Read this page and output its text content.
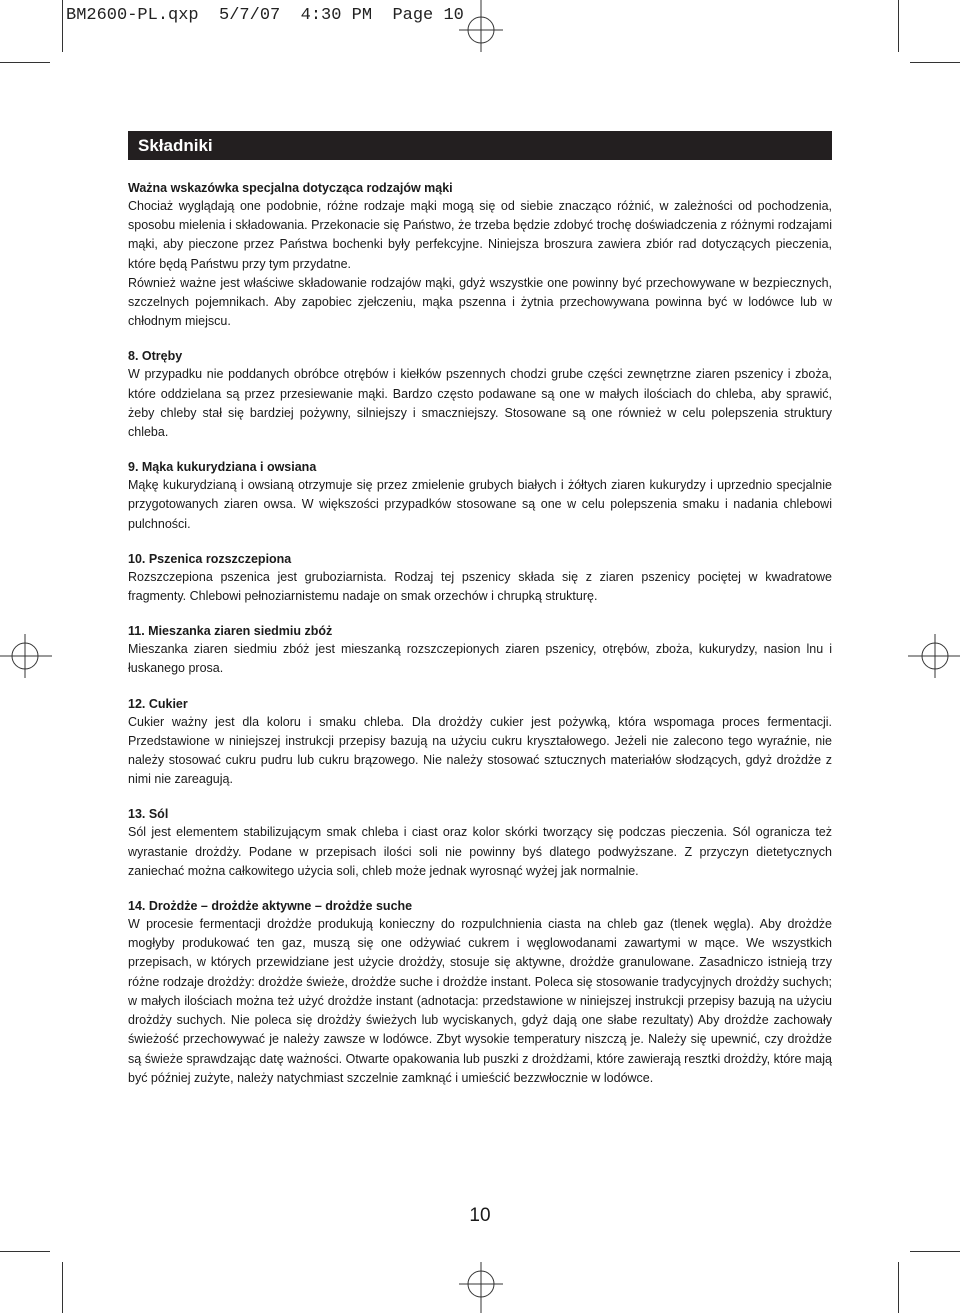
BM2600-PL.qxp  5/7/07  4:30 PM  Page 10
Składniki

Ważna wskazówka specjalna dotycząca rodzajów mąki

Chociaż wyglądają one podobnie, różne rodzaje mąki mogą się od siebie znacząco różnić, w zależności od pochodzenia, sposobu mielenia i składowania. Przekonacie się Państwo, że trzeba będzie zdobyć trochę doświadczenia z różnymi rodzajami mąki, aby pieczone przez Państwa bochenki były perfekcyjne. Niniejsza broszura zawiera zbiór rad dotyczących pieczenia, które będą Państwu przy tym przydatne.

Również ważne jest właściwe składowanie rodzajów mąki, gdyż wszystkie one powinny być przechowywane w bezpiecznych, szczelnych pojemnikach. Aby zapobiec zjełczeniu, mąka pszenna i żytnia przechowywana powinna być w lodówce lub w chłodnym miejscu.

8. Otręby

W przypadku nie poddanych obróbce otrębów i kiełków pszennych chodzi grube części zewnętrzne ziaren pszenicy i zboża, które oddzielana są przez przesiewanie mąki. Bardzo często podawane są one w małych ilościach do chleba, aby sprawić, żeby chleby stał się bardziej pożywny, silniejszy i smaczniejszy. Stosowane są one również w celu polepszenia struktury chleba.

9. Mąka kukurydziana i owsiana

Mąkę kukurydzianą i owsianą otrzymuje się przez zmielenie grubych białych i żółtych ziaren kukurydzy i uprzednio specjalnie przygotowanych ziaren owsa. W większości przypadków stosowane są one w celu polepszenia smaku i nadania chlebowi pulchności.

10. Pszenica rozszczepiona

Rozszczepiona pszenica jest gruboziarnista. Rodzaj tej pszenicy składa się z ziaren pszenicy pociętej w kwadratowe fragmenty. Chlebowi pełnoziarnistemu nadaje on smak orzechów i chrupką strukturę.

11. Mieszanka ziaren siedmiu zbóż

Mieszanka ziaren siedmiu zbóż jest mieszanką rozszczepionych ziaren pszenicy, otrębów, zboża, kukurydzy, nasion lnu i łuskanego prosa.

12. Cukier

Cukier ważny jest dla koloru i smaku chleba. Dla drożdży cukier jest pożywką, która wspomaga proces fermentacji. Przedstawione w niniejszej instrukcji przepisy bazują na użyciu cukru kryształowego. Jeżeli nie zalecono tego wyraźnie, nie należy stosować cukru pudru lub cukru brązowego. Nie należy stosować sztucznych materiałów słodzących, gdyż drożdże z nimi nie zareagują.

13. Sól

Sól jest elementem stabilizującym smak chleba i ciast oraz kolor skórki tworzący się podczas pieczenia. Sól ogranicza też wyrastanie drożdży. Podane w przepisach ilości soli nie powinny byś dlatego podwyższane. Z przyczyn dietetycznych zaniechać można całkowitego użycia soli, chleb może jednak wyrosnąć wyżej jak normalnie.

14. Drożdże – drożdże aktywne – drożdże suche

W procesie fermentacji drożdże produkują konieczny do rozpulchnienia ciasta na chleb gaz (tlenek węgla). Aby drożdże mogłyby produkować ten gaz, muszą się one odżywiać cukrem i węglowodanami zawartymi w mące. We wszystkich przepisach, w których przewidziane jest użycie drożdży, stosuje się aktywne, drożdże granulowane. Zasadniczo istnieją trzy różne rodzaje drożdży: drożdże świeże, drożdże suche i drożdże instant. Poleca się stosowanie tradycyjnych drożdży suchych; w małych ilościach można też użyć drożdże instant (adnotacja: przedstawione w niniejszej instrukcji przepisy bazują na użyciu drożdży suchych. Nie poleca się drożdży świeżych lub wyciskanych, gdyż dają one słabe rezultaty) Aby drożdże zachowały świeżość przechowywać je należy zawsze w lodówce. Zbyt wysokie temperatury niszczą je. Należy się upewnić, czy drożdże są świeże sprawdzając datę ważności. Otwarte opakowania lub puszki z drożdżami, które zawierają resztki drożdży, które mają być później zużyte, należy natychmiast szczelnie zamknąć i umieścić bezzwłocznie w lodówce.

10
